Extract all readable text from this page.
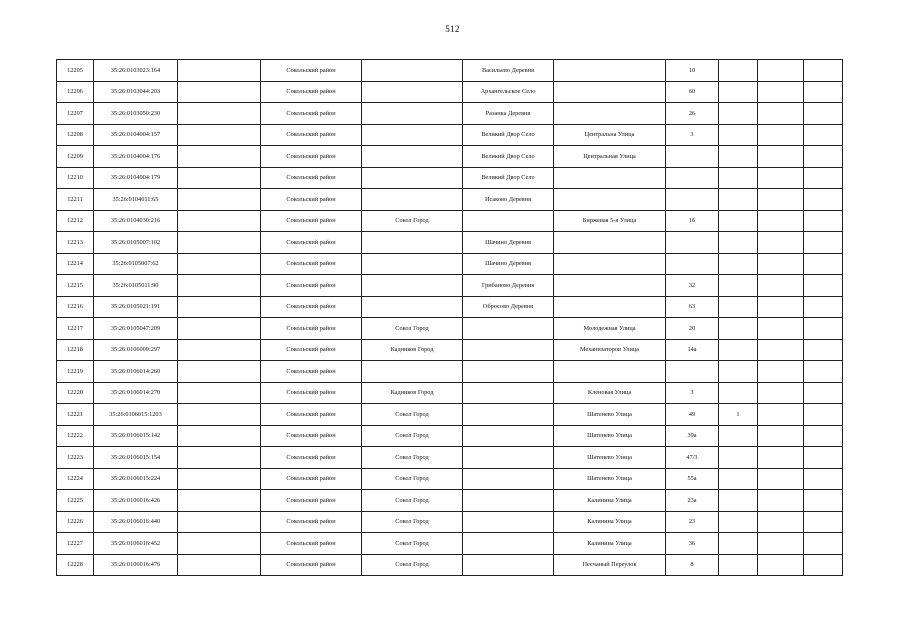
512
12205	35:26:0103023:164		Сокольский район		Васильево Деревня		10			
12206	35:26:0103044:203		Сокольский район		Архангельское Село		60			
12207	35:26:0103050:230		Сокольский район		Разанка Деревня		26			
12208	35:26:0104004:157		Сокольский район		Великий Двор Село	Центральна Улица	3			
12209	35:26:0104004:176		Сокольский район		Великий Двор Село	Центральная Улица				
12210	35:26:0104004:179		Сокольский район		Великий Двор Село					
12211	35:26:0104011:65		Сокольский район		Исаково Деревня					
12212	35:26:0104030:216		Сокольский район	Сокол Город		Биржевая 5-я Улица	16			
12213	35:26:0105007:102		Сокольский район		Шачино Деревня					
12214	35:26:0105007:62		Сокольский район		Шачино Деревня					
12215	35:26:0105011:90		Сокольский район		Грибаново Деревня		32			
12216	35:26:0105021:191		Сокольский район		Обросово Деревня		63			
12217	35:26:0105047:209		Сокольский район	Сокол Город		Молодежная Улица	20			
12218	35:26:0106009:297		Сокольский район	Кадников Город		Механизаторов Улица	14а			
12219	35:26:0106014:260		Сокольский район							
12220	35:26:0106014:270		Сокольский район	Кадников Город		Кленовая Улица	3			
12221	35:26:0106015:1203		Сокольский район	Сокол Город		Шатенево Улица	49	1		
12222	35:26:0106015:142		Сокольский район	Сокол Город		Шатенево Улица	39а			
12223	35:26:0106015:154		Сокольский район	Сокол Город		Шатенево Улица	47/3			
12224	35:26:0106015:224		Сокольский район	Сокол Город		Шатенево Улица	55а			
12225	35:26:0106016:426		Сокольский район	Сокол Город		Калинина Улица	23а			
12226	35:26:0106016:440		Сокольский район	Сокол Город		Калинина Улица	23			
12227	35:26:0106016:452		Сокольский район	Сокол Город		Калинина Улица	36			
12228	35:26:0106016:476		Сокольский район	Сокол Город		Песчаный Переулок	8			
